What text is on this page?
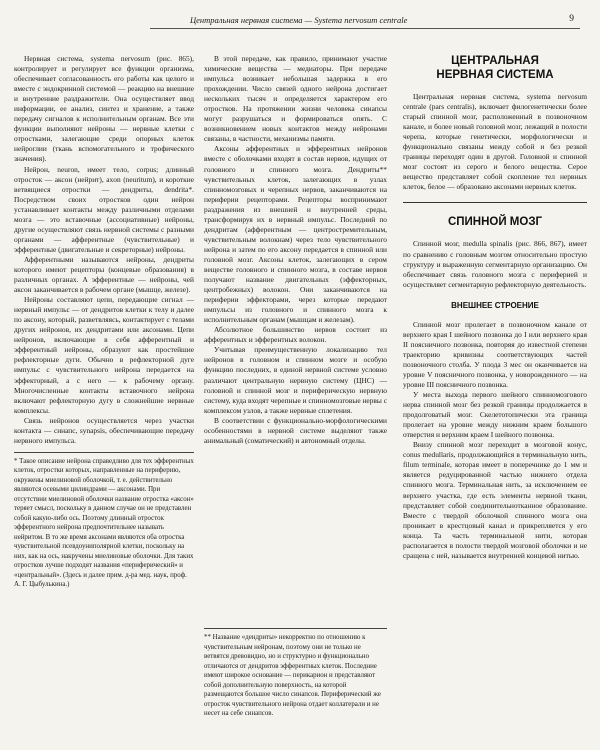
Центральная нервная система — Systema nervosum centrale	9

Нервная система, systema nervosum (рис. 865), контролирует и регулирует все функции организма, обеспечивает согласованность его работы как целого и вместе с эндокринной системой — реакцию на внешние и внутренние раздражители. Она осуществляет ввод информации, ее анализ, синтез и хранение, а также передачу сигналов к исполнительным органам. Все эти функции выполняют нейроны — нервные клетки с отростками, залегающие среди опорных клеток нейроглии (ткань вспомогательного и трофического значения).

Нейрон, neuron, имеет тело, corpus; длинный отросток — аксон (нейрит), axon (neuritum), и короткие ветвящиеся отростки — дендриты, dendritа*. Посредством своих отростков один нейрон устанавливает контакты между различными отделами мозга — это вставочные (ассоциативные) нейроны, другие осуществляют связь нервной системы с разными органами — афферентные (чувствительные) и эфферентные (двигательные и секреторные) нейроны.

Афферентными называются нейроны, дендриты которого имеют рецепторы (концевые образования) в различных органах. А эфферентные — нейроны, чей аксон заканчивается в рабочем органе (мышце, железе).

Нейроны составляют цепи, передающие сигнал — нервный импульс — от дендритов клетки к телу и далее по аксону, который, разветвляясь, контактирует с телами других нейронов, их дендритами или аксонами. Цепи нейронов, включающие в себя афферентный и эфферентный нейроны, образуют как простейшие рефлекторные дуги. Обычно в рефлекторной дуге импульс с чувствительного нейрона передается на эффекторный, а с него — к рабочему органу. Многочисленные контакты вставочного нейрона включают рефлекторную дугу в сложнейшие нервные комплексы.

Связь нейронов осуществляется через участки контакта — синапс, synapsis, обеспечивающие передачу нервного импульса.

* Такое описание нейрона справедливо для тех эфферентных клеток, отростки которых, направленные на периферию, окружены миелиновой оболочкой, т. е. действительно являются осевыми цилиндрами — аксонами. При отсутствии миелиновой оболочки название отростка «аксон» теряет смысл, поскольку в данном случае он не представлен собой какую-либо ось. Поэтому длинный отросток эфферентного нейрона предпочтительнее называть нейритом. В то же время аксонами являются оба отростка чувствительной псевдоуниполярной клетки, поскольку на них, как на ось, накручены миелиновые оболочки. Для таких отростков лучше подходят названия «периферический» и «центральный». (Здесь и далее прим. д-ра мед. наук, проф. А. Г. Цыбулькина.)

В этой передаче, как правило, принимают участие химические вещества — медиаторы. При передаче импульса возникает небольшая задержка в его прохождении. Число связей одного нейрона достигает нескольких тысяч и определяется характером его отростков. На протяжении жизни человека синапсы могут разрушаться и формироваться опять. С возникновением новых контактов между нейронами связаны, в частности, механизмы памяти.

Аксоны афферентных и эфферентных нейронов вместе с оболочками входят в состав нервов, идущих от головного и спинного мозга. Дендриты** чувствительных клеток, залегающих в узлах спинномозговых и черепных нервов, заканчиваются на периферии рецепторами. Рецепторы воспринимают раздражения из внешней и внутренней среды, трансформируя их в нервный импульс. Последний по дендритам (афферентным — центростремительным, чувствительным волокнам) через тело чувствительного нейрона и затем по его аксону передается в спинной или головной мозг. Аксоны клеток, залегающих в сером веществе головного и спинного мозга, в составе нервов получают название двигательных (эффекторных, центробежных) волокон. Они заканчиваются на периферии эффекторами, через которые передают импульсы из головного и спинного мозга к исполнительным органам (мышцам и железам).

Абсолютное большинство нервов состоит из афферентных и эфферентных волокон.

Учитывая преимущественную локализацию тел нейронов в головном и спинном мозге и особую функцию последних, в единой нервной системе условно различают центральную нервную систему (ЦНС) — головной и спинной мозг и периферическую нервную систему, куда входят черепные и спинномозговые нервы с комплексом узлов, а также нервные сплетения.

В соответствии с функционально-морфологическими особенностями в нервной системе выделяют также анимальный (соматический) и автономный отделы.

** Название «дендриты» некорректно по отношению к чувствительным нейронам, поэтому они не только не ветвятся древовидно, но и структурно и функционально отличаются от дендритов эфферентных клеток. Последние имеют широкое основание — перикарион и представляют собой дополнительную поверхность, на которой размещаются большое число синапсов. Периферический же отросток чувствительного нейрона отдает коллатерали и не несет на себе синапсов.
ЦЕНТРАЛЬНАЯ НЕРВНАЯ СИСТЕМА

Центральная нервная система, systema nervosum centrale (pars centralis), включает филогенетически более старый спинной мозг, расположенный в позвоночном канале, и более новый головной мозг, лежащий в полости черепа, которые генетически, морфологически и функционально связаны между собой и без резкой границы переходят один в другой. Головной и спинной мозг состоят из серого и белого вещества. Серое вещество представляет собой скопление тел нервных клеток, белое — образовано аксонами нервных клеток.

СПИННОЙ МОЗГ

Спинной мозг, medulla spinalis (рис. 866, 867), имеет по сравнению с головным мозгом относительно простую структуру и выраженную сегментарную организацию. Он обеспечивает связь головного мозга с периферией и осуществляет сегментарную рефлекторную деятельность.

ВНЕШНЕЕ СТРОЕНИЕ

Спинной мозг пролегает в позвоночном канале от верхнего края I шейного позвонка до I или верхнего края II поясничного позвонка, повторяя до известной степени траекторию кривизны соответствующих частей позвоночного столба. У плода 3 мес он оканчивается на уровне V поясничного позвонка, у новорожденного — на уровне III поясничного позвонка.

У места выхода первого шейного спинномозгового нерва спинной мозг без резкой границы продолжается в продолговатый мозг. Скелетотопически эта граница пролегает на уровне между нижним краем большого отверстия и верхним краем I шейного позвонка.

Внизу спинной мозг переходит в мозговой конус, conus medullaris, продолжающийся в терминальную нить, filum terminale, которая имеет в поперечнике до 1 мм и является редуцированной частью нижнего отдела спинного мозга. Терминальная нить, за исключением ее верхнего участка, где есть элементы нервной ткани, представляет собой соединительнотканное образование. Вместе с твердой оболочкой спинного мозга она проникает в крестцовый канал и прикрепляется у его конца. Та часть терминальной нити, которая располагается в полости твердой мозговой оболочки и не сращена с ней, называется внутренней концевой нитью.
